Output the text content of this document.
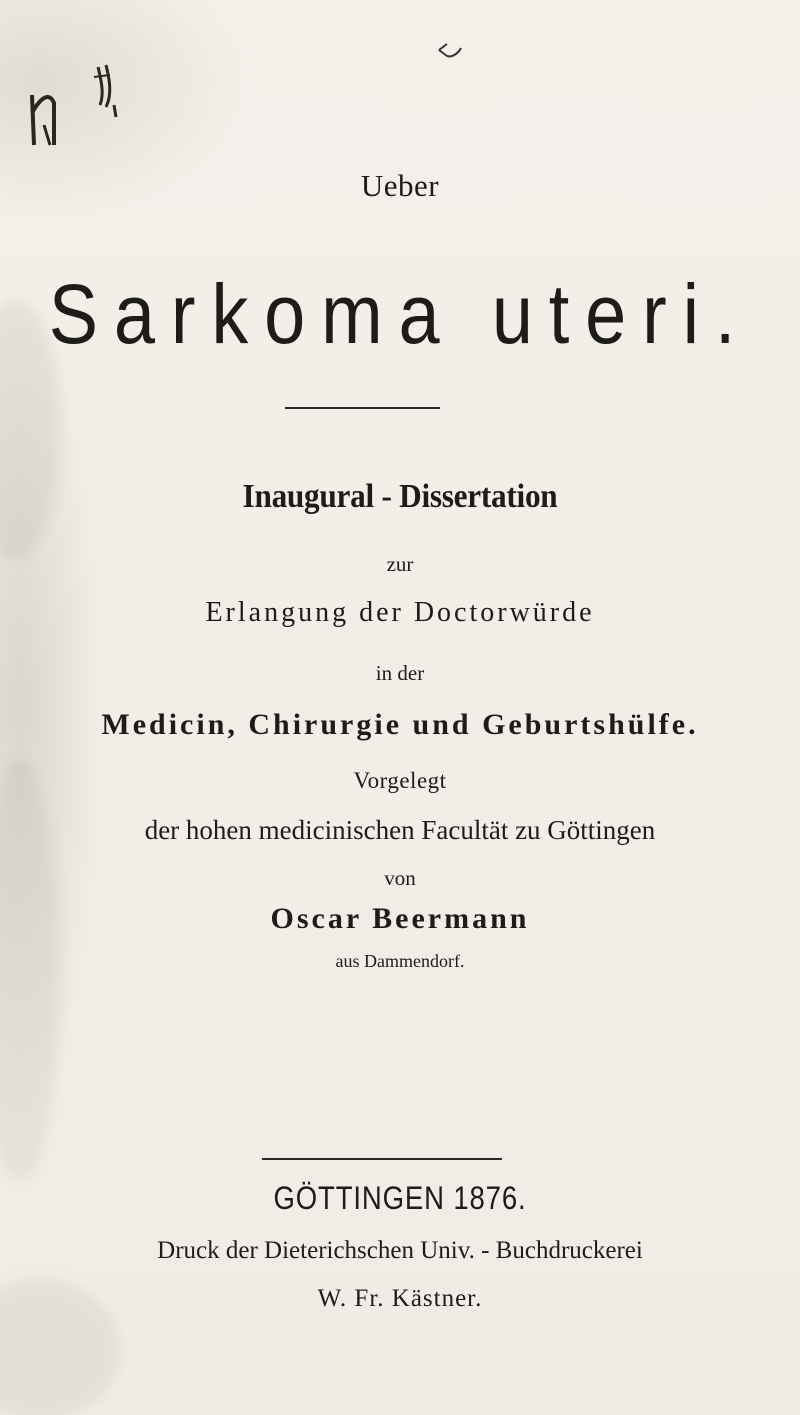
Ueber
Sarkoma uteri.
Inaugural - Dissertation
zur
Erlangung der Doctorwürde
in der
Medicin, Chirurgie und Geburtshülfe.
Vorgelegt
der hohen medicinischen Facultät zu Göttingen
von
Oscar Beermann
aus Dammendorf.
GÖTTINGEN 1876.
Druck der Dieterichschen Univ. - Buchdruckerei
W. Fr. Kästner.
